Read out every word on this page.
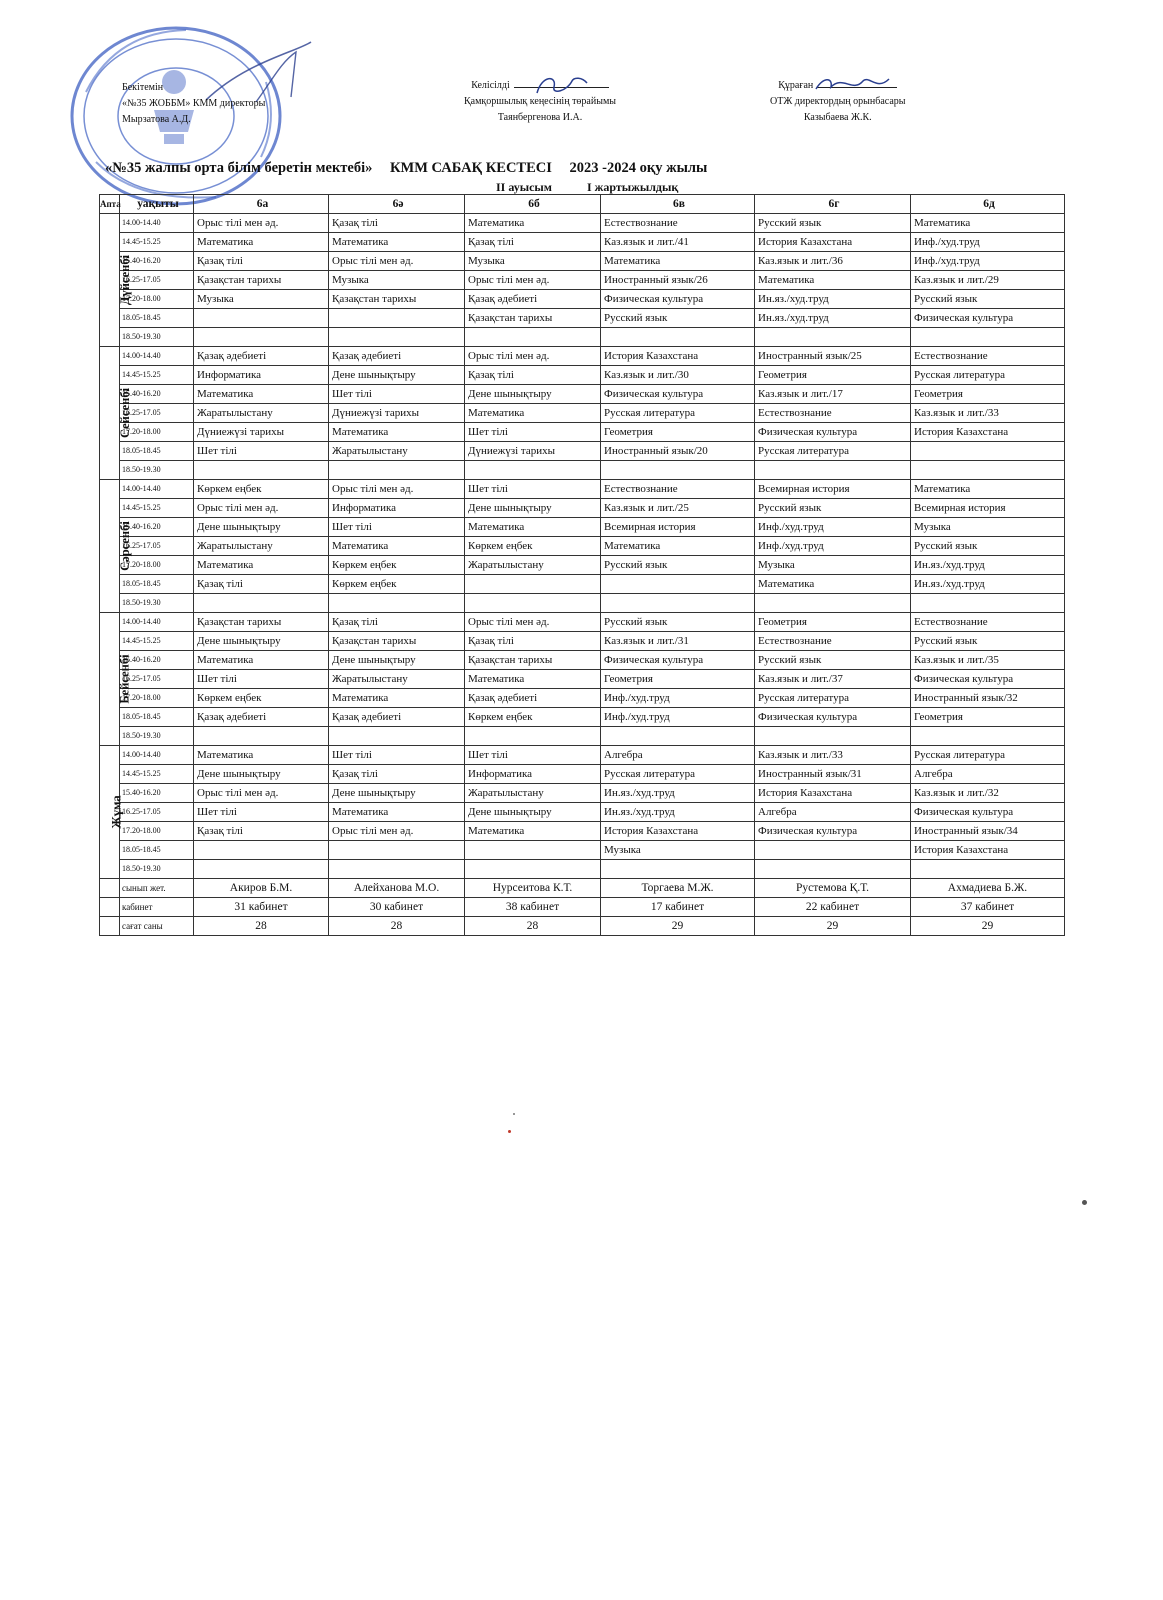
Бекітемін
«№35 ЖОББМ» КММ директоры
Мырзатова А.Д.
Келісілді
Қамқоршылық кеңесінің төрайымы
Таянбергенова И.А.
Құраған
ОТЖ директордың орынбасары
Казыбаева Ж.К.
«№35 жалпы орта білім беретін мектебі» КММ САБАҚ КЕСТЕСІ 2023 -2024 оқу жылы
ІІ ауысым	І жартыжылдық
Апта	уақыты	6а	6ә	6б	6в	6г	6д
Дүйсенбі	14.00-14.40	Орыс тілі мен әд.	Қазақ тілі	Математика	Естествознание	Русский язык	Математика
	14.45-15.25	Математика	Математика	Қазақ тілі	Каз.язык и лит./41	История Казахстана	Инф./худ.труд
	15.40-16.20	Қазақ тілі	Орыс тілі мен әд.	Музыка	Математика	Каз.язык и лит./36	Инф./худ.труд
	16.25-17.05	Қазақстан тарихы	Музыка	Орыс тілі мен әд.	Иностранный язык/26	Математика	Каз.язык и лит./29
	17.20-18.00	Музыка	Қазақстан тарихы	Қазақ әдебиеті	Физическая культура	Ин.яз./худ.труд	Русский язык
	18.05-18.45			Қазақстан тарихы	Русский язык	Ин.яз./худ.труд	Физическая культура
	18.50-19.30						
Сейсенбі	14.00-14.40	Қазақ әдебиеті	Қазақ әдебиеті	Орыс тілі мен әд.	История Казахстана	Иностранный язык/25	Естествознание
	14.45-15.25	Информатика	Дене шынықтыру	Қазақ тілі	Каз.язык и лит./30	Геометрия	Русская литература
	15.40-16.20	Математика	Шет тілі	Дене шынықтыру	Физическая культура	Каз.язык и лит./17	Геометрия
	16.25-17.05	Жаратылыстану	Дүниежүзі тарихы	Математика	Русская литература	Естествознание	Каз.язык и лит./33
	17.20-18.00	Дүниежүзі тарихы	Математика	Шет тілі	Геометрия	Физическая культура	История Казахстана
	18.05-18.45	Шет тілі	Жаратылыстану	Дүниежүзі тарихы	Иностранный язык/20	Русская литература	
	18.50-19.30						
Сәрсенбі	14.00-14.40	Көркем еңбек	Орыс тілі мен әд.	Шет тілі	Естествознание	Всемирная история	Математика
	14.45-15.25	Орыс тілі мен әд.	Информатика	Дене шынықтыру	Каз.язык и лит./25	Русский язык	Всемирная история
	15.40-16.20	Дене шынықтыру	Шет тілі	Математика	Всемирная история	Инф./худ.труд	Музыка
	16.25-17.05	Жаратылыстану	Математика	Көркем еңбек	Математика	Инф./худ.труд	Русский язык
	17.20-18.00	Математика	Көркем еңбек	Жаратылыстану	Русский язык	Музыка	Ин.яз./худ.труд
	18.05-18.45	Қазақ тілі	Көркем еңбек			Математика	Ин.яз./худ.труд
	18.50-19.30						
Бейсенбі	14.00-14.40	Қазақстан тарихы	Қазақ тілі	Орыс тілі мен әд.	Русский язык	Геометрия	Естествознание
	14.45-15.25	Дене шынықтыру	Қазақстан тарихы	Қазақ тілі	Каз.язык и лит./31	Естествознание	Русский язык
	15.40-16.20	Математика	Дене шынықтыру	Қазақстан тарихы	Физическая культура	Русский язык	Каз.язык и лит./35
	16.25-17.05	Шет тілі	Жаратылыстану	Математика	Геометрия	Каз.язык и лит./37	Физическая культура
	17.20-18.00	Көркем еңбек	Математика	Қазақ әдебиеті	Инф./худ.труд	Русская литература	Иностранный язык/32
	18.05-18.45	Қазақ әдебиеті	Қазақ әдебиеті	Көркем еңбек	Инф./худ.труд	Физическая культура	Геометрия
	18.50-19.30						
Жұма	14.00-14.40	Математика	Шет тілі	Шет тілі	Алгебра	Каз.язык и лит./33	Русская литература
	14.45-15.25	Дене шынықтыру	Қазақ тілі	Информатика	Русская литература	Иностранный язык/31	Алгебра
	15.40-16.20	Орыс тілі мен әд.	Дене шынықтыру	Жаратылыстану	Ин.яз./худ.труд	История Казахстана	Каз.язык и лит./32
	16.25-17.05	Шет тілі	Математика	Дене шынықтыру	Ин.яз./худ.труд	Алгебра	Физическая культура
	17.20-18.00	Қазақ тілі	Орыс тілі мен әд.	Математика	История Казахстана	Физическая культура	Иностранный язык/34
	18.05-18.45				Музыка		История Казахстана
	18.50-19.30						
	сынып жет.	Акиров Б.М.	Алейханова М.О.	Нурсеитова К.Т.	Торгаева М.Ж.	Рустемова Қ.Т.	Ахмадиева Б.Ж.
	кабинет	31 кабинет	30 кабинет	38 кабинет	17 кабинет	22 кабинет	37 кабинет
	сағат саны	28	28	28	29	29	29
